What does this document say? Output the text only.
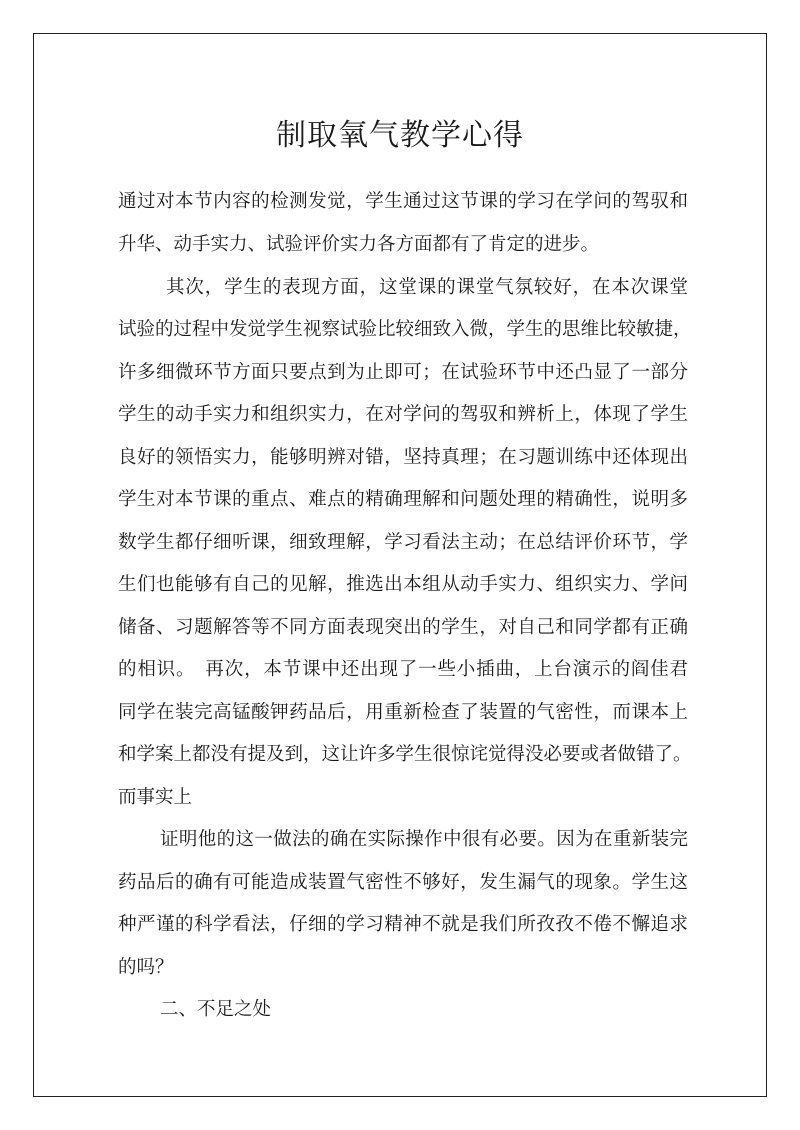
制取氧气教学心得
通过对本节内容的检测发觉，学生通过这节课的学习在学问的驾驭和
升华、动手实力、试验评价实力各方面都有了肯定的进步。
其次，学生的表现方面，这堂课的课堂气氛较好，在本次课堂
试验的过程中发觉学生视察试验比较细致入微，学生的思维比较敏捷，
许多细微环节方面只要点到为止即可；在试验环节中还凸显了一部分
学生的动手实力和组织实力，在对学问的驾驭和辨析上，体现了学生
良好的领悟实力，能够明辨对错，坚持真理；在习题训练中还体现出
学生对本节课的重点、难点的精确理解和问题处理的精确性，说明多
数学生都仔细听课，细致理解，学习看法主动；在总结评价环节，学
生们也能够有自己的见解，推选出本组从动手实力、组织实力、学问
储备、习题解答等不同方面表现突出的学生，对自己和同学都有正确
的相识。　再次，本节课中还出现了一些小插曲，上台演示的阎佳君
同学在装完高锰酸钾药品后，用重新检查了装置的气密性，而课本上
和学案上都没有提及到，这让许多学生很惊诧觉得没必要或者做错了。
而事实上
证明他的这一做法的确在实际操作中很有必要。因为在重新装完
药品后的确有可能造成装置气密性不够好，发生漏气的现象。学生这
种严谨的科学看法，仔细的学习精神不就是我们所孜孜不倦不懈追求
的吗？
二、不足之处
